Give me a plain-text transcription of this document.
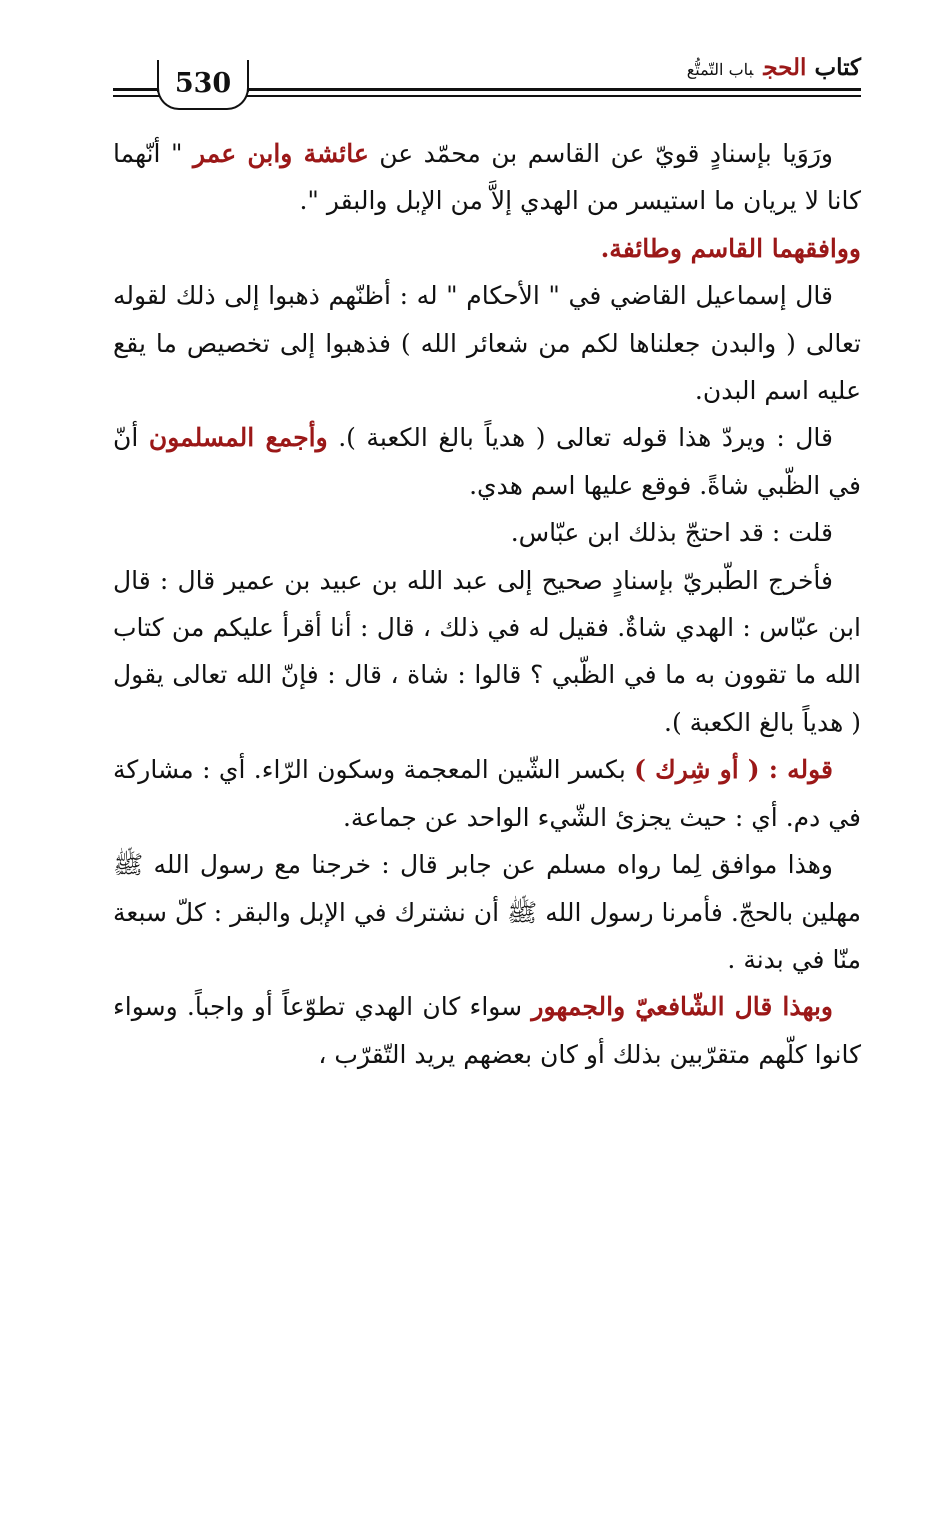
530
كتاب الحجباب التّمتُّع

ورَوَيا بإسنادٍ قويّ عن القاسم بن محمّد عن عائشة وابن عمر " أنّهما كانا لا يريان ما استيسر من الهدي إلاَّ من الإبل والبقر ".

ووافقهما القاسم وطائفة.

قال إسماعيل القاضي في " الأحكام " له : أظنّهم ذهبوا إلى ذلك لقوله تعالى ( والبدن جعلناها لكم من شعائر الله ) فذهبوا إلى تخصيص ما يقع عليه اسم البدن.

قال : ويردّ هذا قوله تعالى ( هدياً بالغ الكعبة ). وأجمع المسلمون أنّ في الظّبي شاةً. فوقع عليها اسم هدي.

قلت : قد احتجّ بذلك ابن عبّاس.

فأخرج الطّبريّ بإسنادٍ صحيح إلى عبد الله بن عبيد بن عمير قال : قال ابن عبّاس : الهدي شاةٌ. فقيل له في ذلك ، قال : أنا أقرأ عليكم من كتاب الله ما تقوون به ما في الظّبي ؟ قالوا : شاة ، قال : فإنّ الله تعالى يقول ( هدياً بالغ الكعبة ).

قوله : ( أو شِرك ) بكسر الشّين المعجمة وسكون الرّاء. أي : مشاركة في دم. أي : حيث يجزئ الشّيء الواحد عن جماعة.

وهذا موافق لِما رواه مسلم عن جابر قال : خرجنا مع رسول الله ﷺ مهلين بالحجّ. فأمرنا رسول الله ﷺ أن نشترك في الإبل والبقر : كلّ سبعة منّا في بدنة .

وبهذا قال الشّافعيّ والجمهور سواء كان الهدي تطوّعاً أو واجباً. وسواء كانوا كلّهم متقرّبين بذلك أو كان بعضهم يريد التّقرّب ،
